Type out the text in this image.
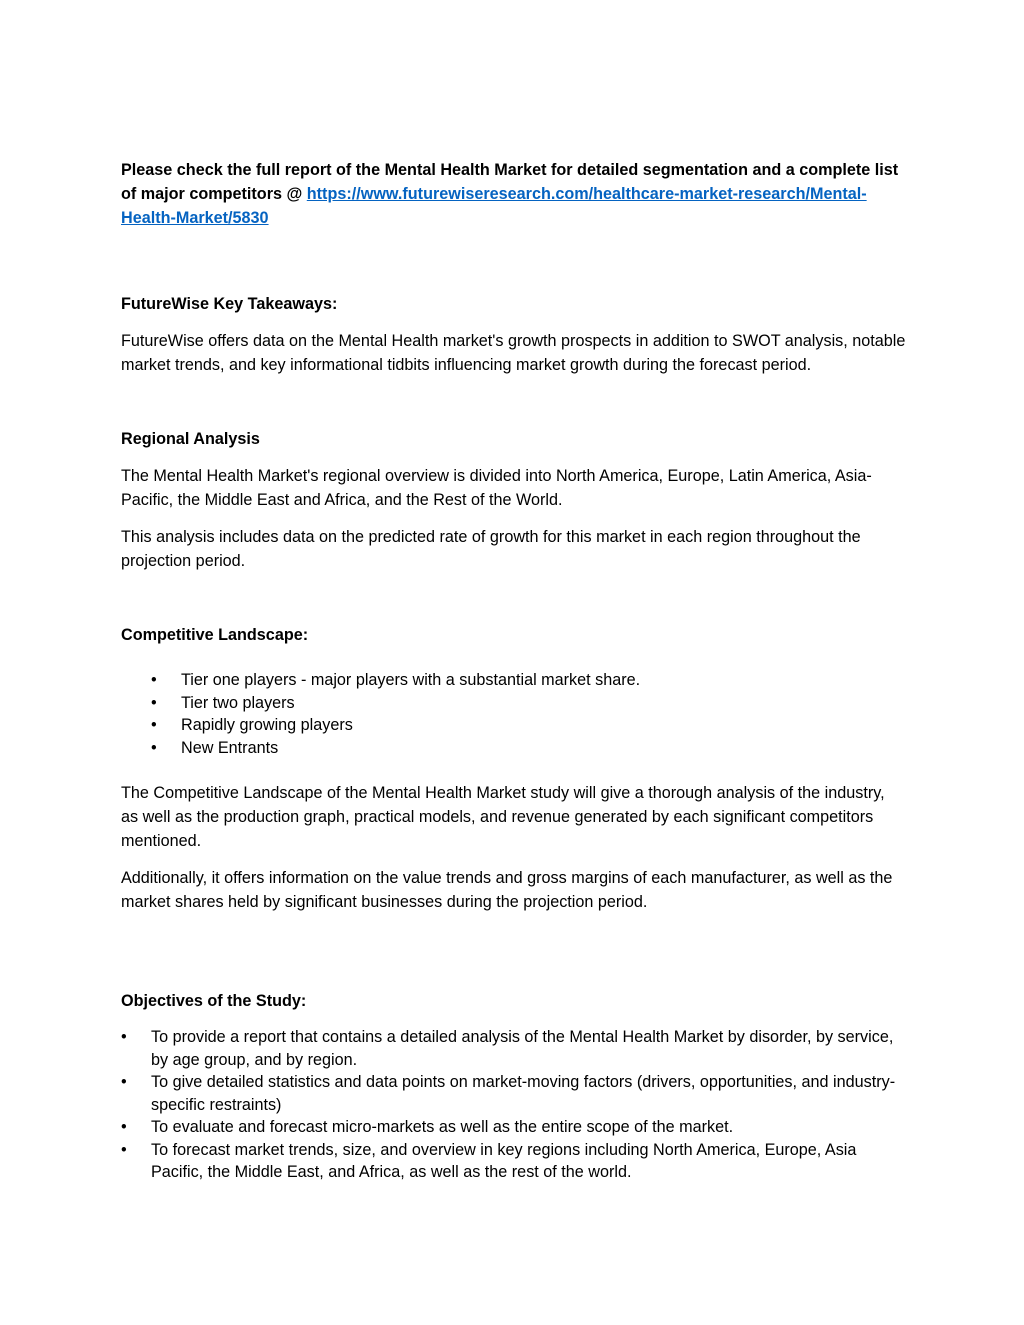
Please check the full report of the Mental Health Market for detailed segmentation and a complete list of major competitors @ https://www.futurewiseresearch.com/healthcare-market-research/Mental-Health-Market/5830

FutureWise Key Takeaways:

FutureWise offers data on the Mental Health market's growth prospects in addition to SWOT analysis, notable market trends, and key informational tidbits influencing market growth during the forecast period.

Regional Analysis

The Mental Health Market's regional overview is divided into North America, Europe, Latin America, Asia-Pacific, the Middle East and Africa, and the Rest of the World.

This analysis includes data on the predicted rate of growth for this market in each region throughout the projection period.

Competitive Landscape:

• Tier one players - major players with a substantial market share.
• Tier two players
• Rapidly growing players
• New Entrants

The Competitive Landscape of the Mental Health Market study will give a thorough analysis of the industry, as well as the production graph, practical models, and revenue generated by each significant competitors mentioned.

Additionally, it offers information on the value trends and gross margins of each manufacturer, as well as the market shares held by significant businesses during the projection period.

Objectives of the Study:

• To provide a report that contains a detailed analysis of the Mental Health Market by disorder, by service, by age group, and by region.
• To give detailed statistics and data points on market-moving factors (drivers, opportunities, and industry-specific restraints)
• To evaluate and forecast micro-markets as well as the entire scope of the market.
• To forecast market trends, size, and overview in key regions including North America, Europe, Asia Pacific, the Middle East, and Africa, as well as the rest of the world.
